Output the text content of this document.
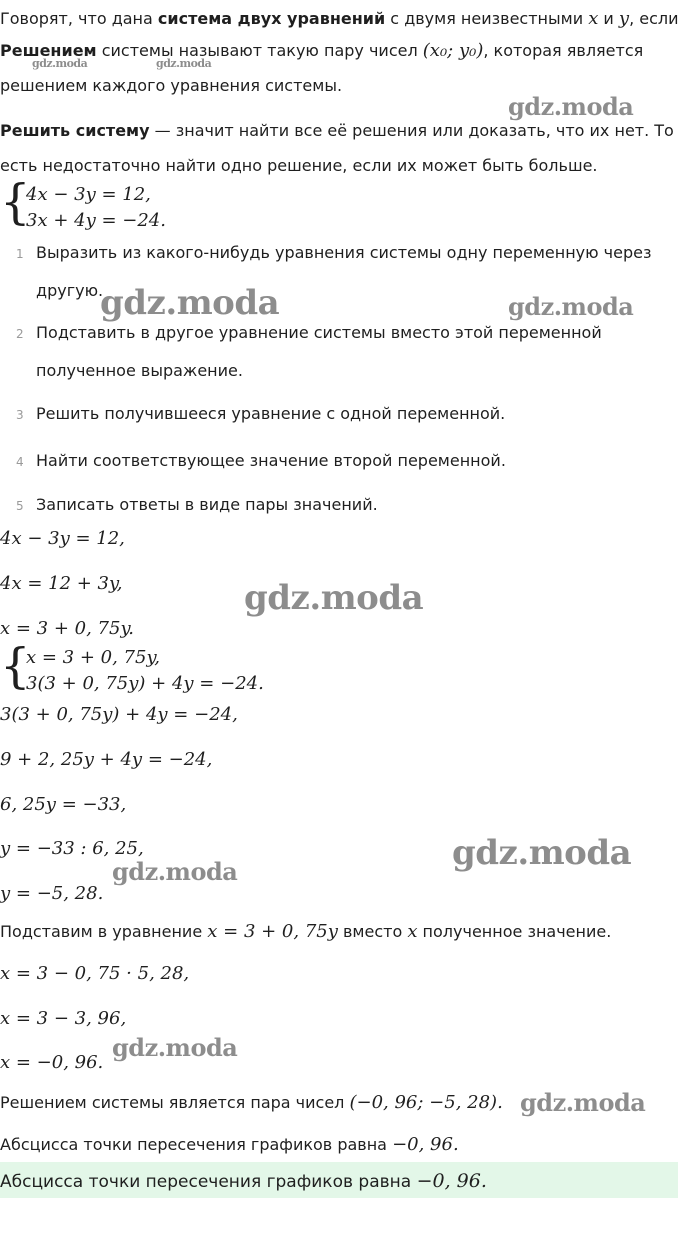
Говорят, что дана система двух уравнений с двумя неизвестными x и y, если
Решением системы называют такую пару чисел (x₀; y₀), которая является
gdz.moda	gdz.moda
решением каждого уравнения системы.
gdz.moda
Решить систему — значит найти все её решения или доказать, что их нет. То
есть недостаточно найти одно решение, если их может быть больше.
{
4x − 3y = 12,
3x + 4y = −24.
1 Выразить из какого-нибудь уравнения системы одну переменную через
другую.
gdz.moda	gdz.moda
2 Подставить в другое уравнение системы вместо этой переменной
полученное выражение.
3 Решить получившееся уравнение с одной переменной.
4 Найти соответствующее значение второй переменной.
5 Записать ответы в виде пары значений.
4x − 3y = 12,
4x = 12 + 3y,	gdz.moda
x = 3 + 0, 75y.
{
x = 3 + 0, 75y,
3(3 + 0, 75y) + 4y = −24.
3(3 + 0, 75y) + 4y = −24,
9 + 2, 25y + 4y = −24,
6, 25y = −33,
y = −33 : 6, 25,	gdz.moda
gdz.moda
y = −5, 28.
Подставим в уравнение x = 3 + 0, 75y вместо x полученное значение.
x = 3 − 0, 75 · 5, 28,
x = 3 − 3, 96,
gdz.moda
x = −0, 96.
Решением системы является пара чисел (−0, 96; −5, 28). gdz.moda
Абсцисса точки пересечения графиков равна −0, 96.
Абсцисса точки пересечения графиков равна −0, 96.
